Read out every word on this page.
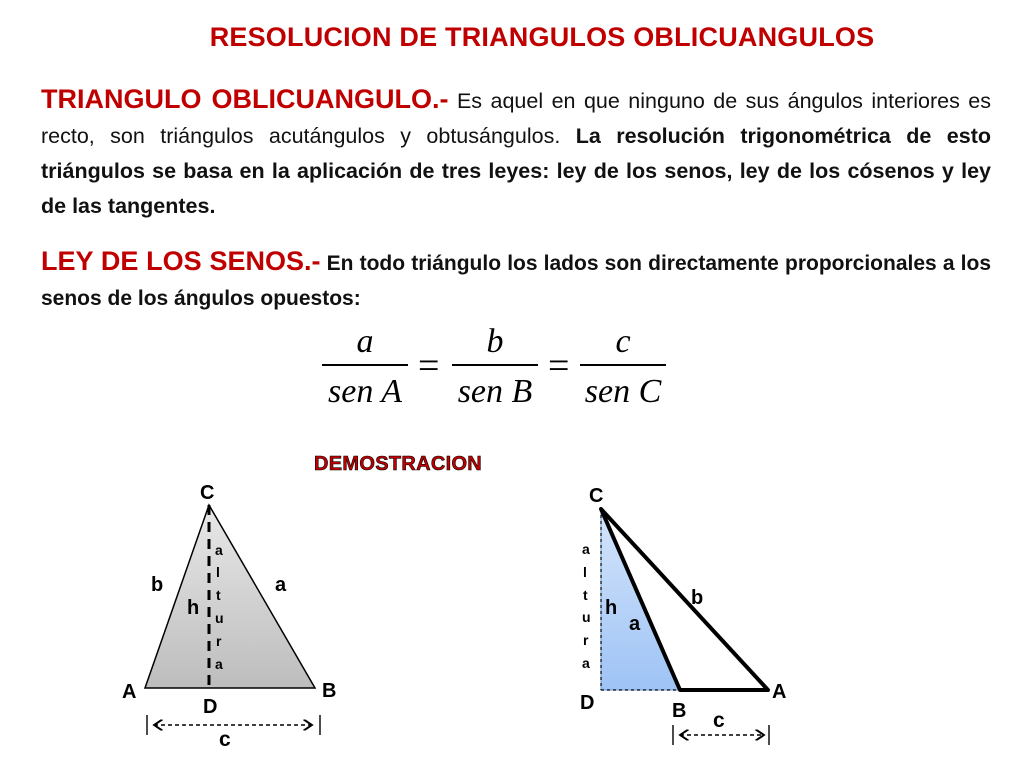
RESOLUCION DE TRIANGULOS OBLICUANGULOS
TRIANGULO OBLICUANGULO.- Es aquel en que ninguno de sus ángulos interiores es recto, son triángulos acutángulos y obtusángulos. La resolución trigonométrica de esto triángulos se basa en la aplicación de tres leyes: ley de los senos, ley de los cósenos y ley de las tangentes.
LEY DE LOS SENOS.- En todo triángulo los lados son directamente proporcionales a los senos de los ángulos opuestos:
a
sen A
=
b
sen B
=
c
sen C
DEMOSTRACION
C
A	B
D
b	a
h
c
a
l
t
u
r
a
C
A
B
D
b
a
h
c
a
l
t
u
r
a
